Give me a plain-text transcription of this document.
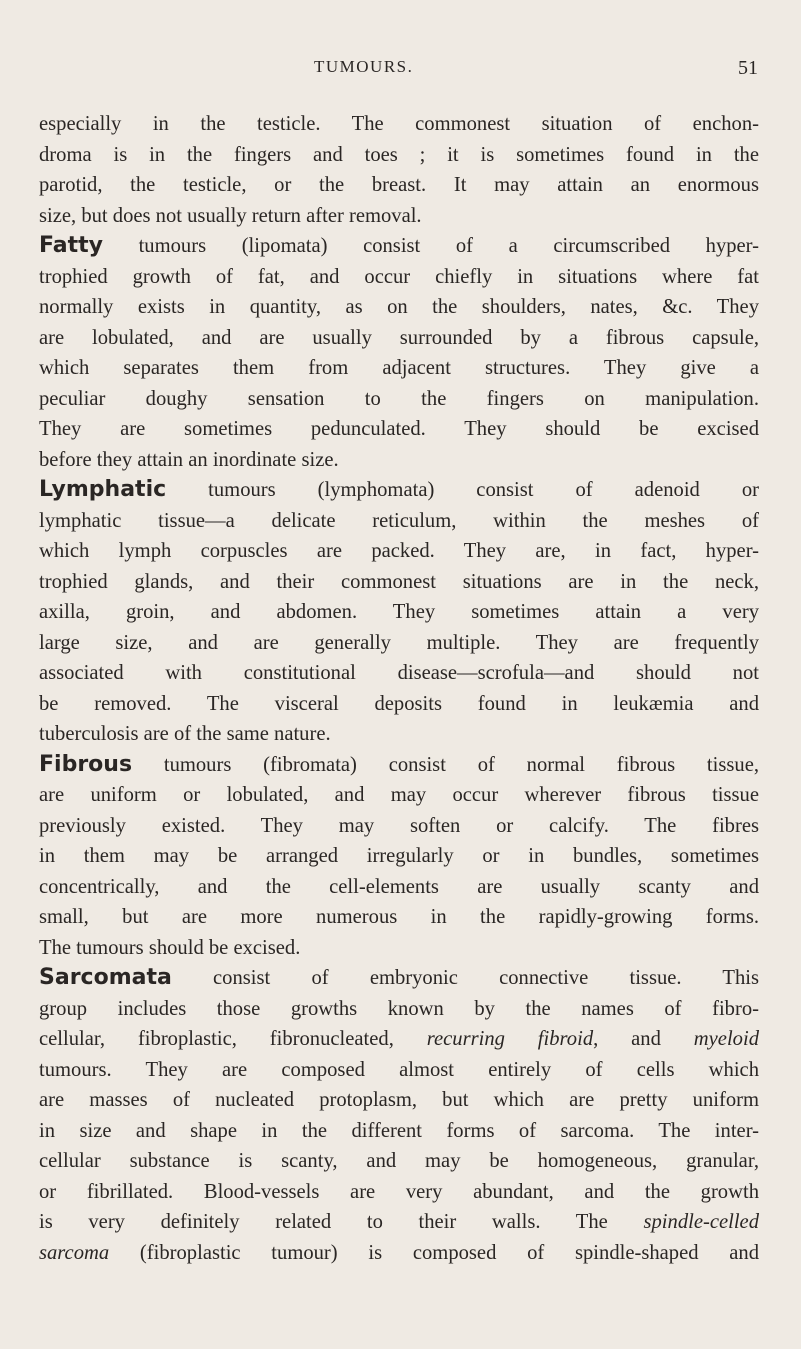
TUMOURS.	51
especially in the testicle. The commonest situation of enchon-
droma is in the fingers and toes ; it is sometimes found in the
parotid, the testicle, or the breast. It may attain an enormous
size, but does not usually return after removal.
Fatty tumours (lipomata) consist of a circumscribed hyper-
trophied growth of fat, and occur chiefly in situations where fat
normally exists in quantity, as on the shoulders, nates, &c. They
are lobulated, and are usually surrounded by a fibrous capsule,
which separates them from adjacent structures. They give a
peculiar doughy sensation to the fingers on manipulation.
They are sometimes pedunculated. They should be excised
before they attain an inordinate size.
Lymphatic tumours (lymphomata) consist of adenoid or
lymphatic tissue—a delicate reticulum, within the meshes of
which lymph corpuscles are packed. They are, in fact, hyper-
trophied glands, and their commonest situations are in the neck,
axilla, groin, and abdomen. They sometimes attain a very
large size, and are generally multiple. They are frequently
associated with constitutional disease—scrofula—and should not
be removed. The visceral deposits found in leukæmia and
tuberculosis are of the same nature.
Fibrous tumours (fibromata) consist of normal fibrous tissue,
are uniform or lobulated, and may occur wherever fibrous tissue
previously existed. They may soften or calcify. The fibres
in them may be arranged irregularly or in bundles, sometimes
concentrically, and the cell-elements are usually scanty and
small, but are more numerous in the rapidly-growing forms.
The tumours should be excised.
Sarcomata consist of embryonic connective tissue. This
group includes those growths known by the names of fibro-
cellular, fibroplastic, fibronucleated, recurring fibroid, and myeloid
tumours. They are composed almost entirely of cells which
are masses of nucleated protoplasm, but which are pretty uniform
in size and shape in the different forms of sarcoma. The inter-
cellular substance is scanty, and may be homogeneous, granular,
or fibrillated. Blood-vessels are very abundant, and the growth
is very definitely related to their walls. The spindle-celled
sarcoma (fibroplastic tumour) is composed of spindle-shaped and
